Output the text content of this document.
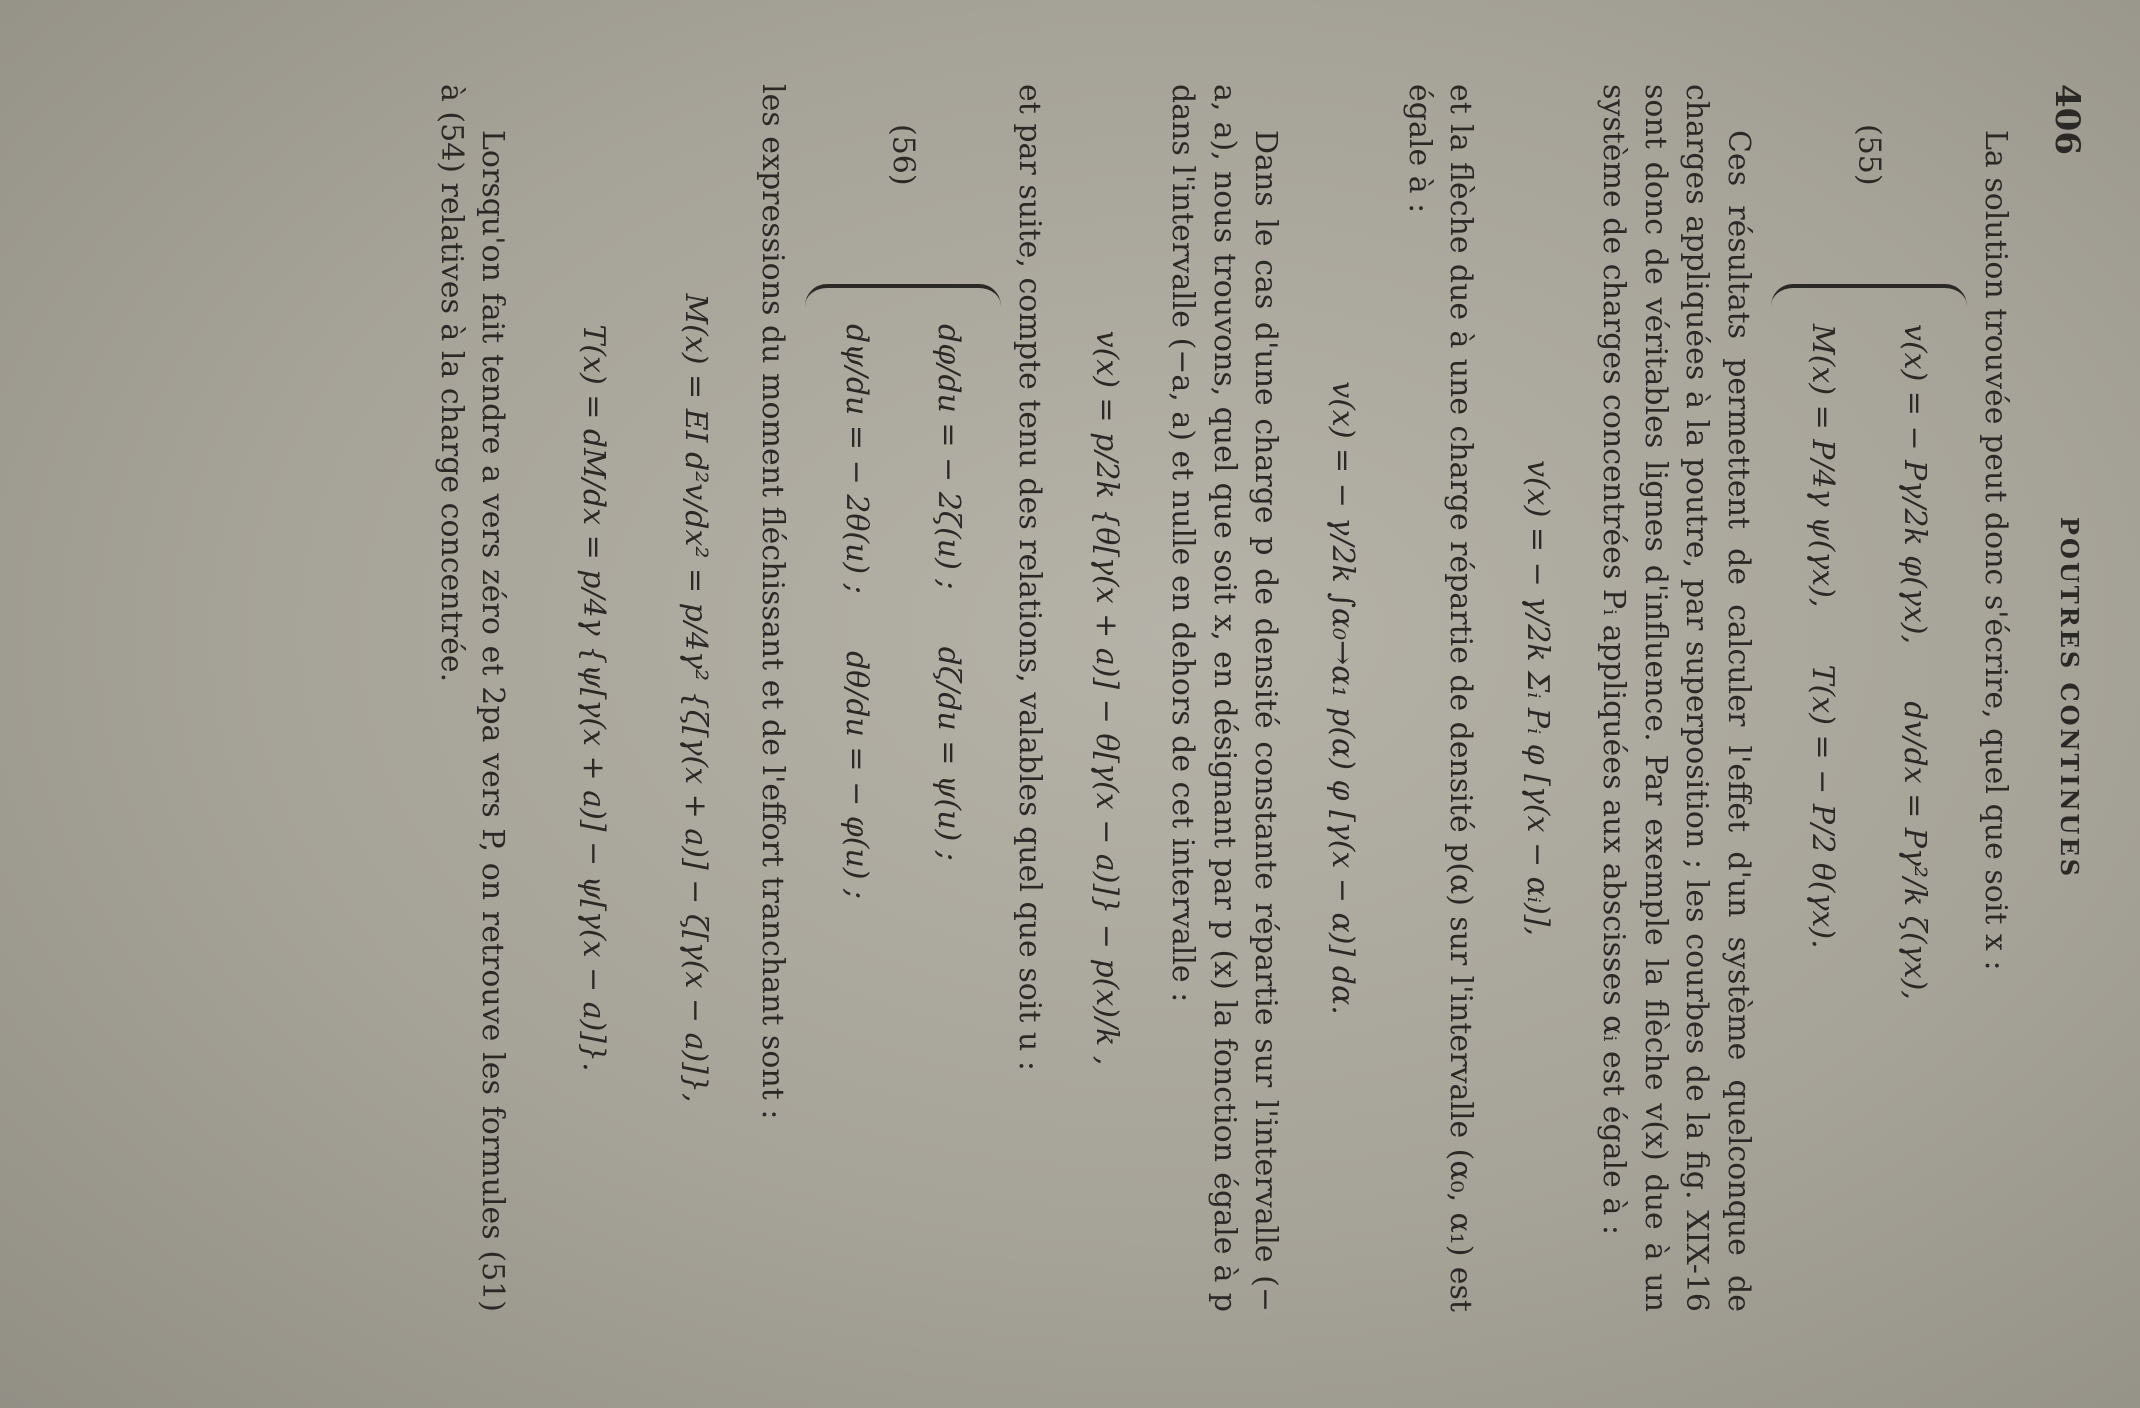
406
POUTRES CONTINUES

La solution trouvée peut donc s'écrire, quel que soit x :

(55)
v(x) = − Pγ/2k φ(γx),      dv/dx = Pγ²/k ζ(γx),
M(x) = P/4γ ψ(γx),      T(x) = − P/2 θ(γx).

Ces résultats permettent de calculer l'effet d'un système quelconque de charges appliquées à la poutre, par superposition ; les courbes de la fig. XIX-16 sont donc de véritables lignes d'influence. Par exemple la flèche v(x) due à un système de charges concentrées Pᵢ appliquées aux abscisses αᵢ est égale à :

v(x) = − γ/2k Σᵢ Pᵢ φ [γ(x − αᵢ)],

et la flèche due à une charge répartie de densité p(α) sur l'intervalle (α₀, α₁) est égale à :

v(x) = − γ/2k ∫α₀→α₁ p(α) φ [γ(x − α)] dα.

Dans le cas d'une charge p de densité constante répartie sur l'intervalle (− a, a), nous trouvons, quel que soit x, en désignant par p (x) la fonction égale à p dans l'intervalle (−a, a) et nulle en dehors de cet intervalle :

v(x) = p/2k {θ[γ(x + a)] − θ[γ(x − a)]} − p(x)/k ,

et par suite, compte tenu des relations, valables quel que soit u :

(56)
dφ/du = − 2ζ(u) ;      dζ/du = ψ(u) ;
dψ/du = − 2θ(u) ;      dθ/du = − φ(u) ;

les expressions du moment fléchissant et de l'effort tranchant sont :

M(x) = EI d²v/dx² = p/4γ² {ζ[γ(x + a)] − ζ[γ(x − a)]},
T(x) = dM/dx = p/4γ {ψ[γ(x + a)] − ψ[γ(x − a)]}.

Lorsqu'on fait tendre a vers zéro et 2pa vers P, on retrouve les formules (51) à (54) relatives à la charge concentrée.
